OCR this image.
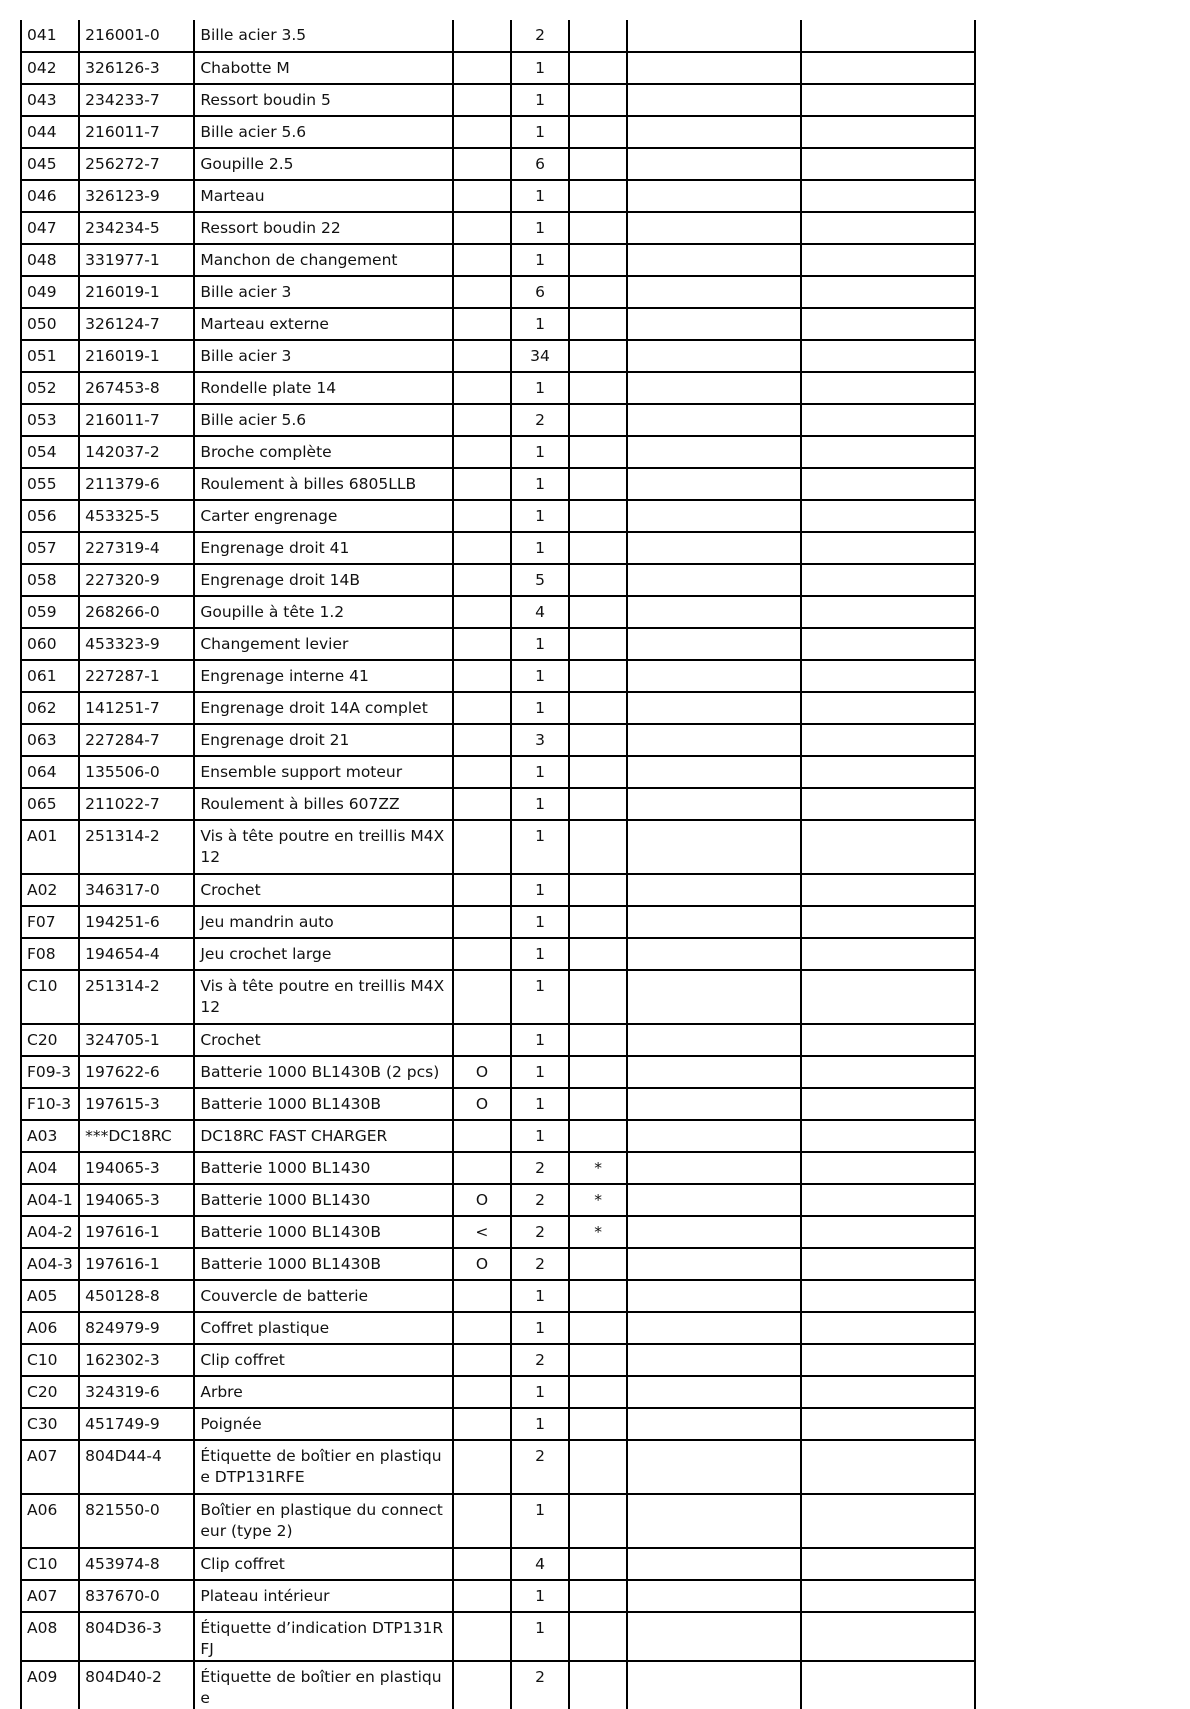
041	216001-0	Bille acier 3.5		2			
042	326126-3	Chabotte M		1			
043	234233-7	Ressort boudin 5		1			
044	216011-7	Bille acier 5.6		1			
045	256272-7	Goupille 2.5		6			
046	326123-9	Marteau		1			
047	234234-5	Ressort boudin 22		1			
048	331977-1	Manchon de changement		1			
049	216019-1	Bille acier 3		6			
050	326124-7	Marteau externe		1			
051	216019-1	Bille acier 3		34			
052	267453-8	Rondelle plate 14		1			
053	216011-7	Bille acier 5.6		2			
054	142037-2	Broche complète		1			
055	211379-6	Roulement à billes 6805LLB		1			
056	453325-5	Carter engrenage		1			
057	227319-4	Engrenage droit 41		1			
058	227320-9	Engrenage droit 14B		5			
059	268266-0	Goupille à tête 1.2		4			
060	453323-9	Changement levier		1			
061	227287-1	Engrenage interne 41		1			
062	141251-7	Engrenage droit 14A complet		1			
063	227284-7	Engrenage droit 21		3			
064	135506-0	Ensemble support moteur		1			
065	211022-7	Roulement à billes 607ZZ		1			
A01	251314-2	Vis à tête poutre en treillis M4X12		1			
A02	346317-0	Crochet		1			
F07	194251-6	Jeu mandrin auto		1			
F08	194654-4	Jeu crochet large		1			
C10	251314-2	Vis à tête poutre en treillis M4X12		1			
C20	324705-1	Crochet		1			
F09-3	197622-6	Batterie 1000 BL1430B (2 pcs)	O	1			
F10-3	197615-3	Batterie 1000 BL1430B	O	1			
A03	***DC18RC	DC18RC FAST CHARGER		1			
A04	194065-3	Batterie 1000 BL1430		2	*		
A04-1	194065-3	Batterie 1000 BL1430	O	2	*		
A04-2	197616-1	Batterie 1000 BL1430B	<	2	*		
A04-3	197616-1	Batterie 1000 BL1430B	O	2			
A05	450128-8	Couvercle de batterie		1			
A06	824979-9	Coffret plastique		1			
C10	162302-3	Clip coffret		2			
C20	324319-6	Arbre		1			
C30	451749-9	Poignée		1			
A07	804D44-4	Étiquette de boîtier en plastique DTP131RFE		2			
A06	821550-0	Boîtier en plastique du connecteur (type 2)		1			
C10	453974-8	Clip coffret		4			
A07	837670-0	Plateau intérieur		1			
A08	804D36-3	Étiquette d’indication DTP131RFJ		1			
A09	804D40-2	Étiquette de boîtier en plastique		2			
